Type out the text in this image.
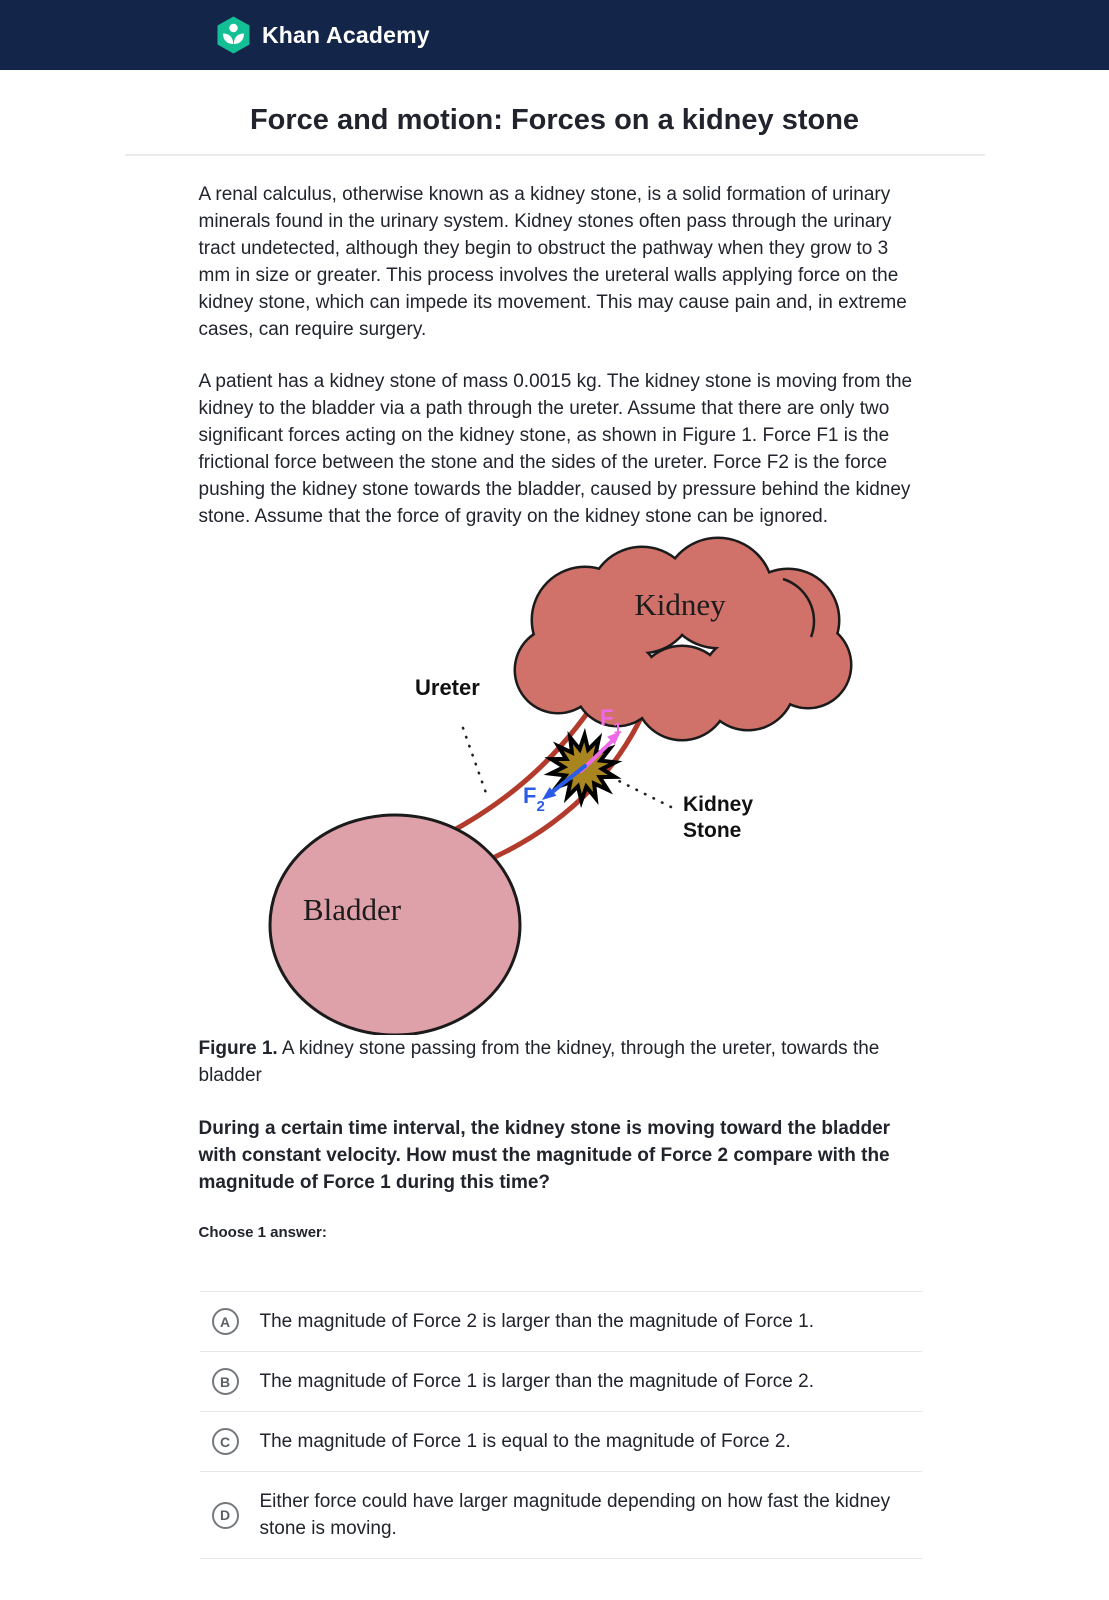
Khan Academy
Force and motion: Forces on a kidney stone

A renal calculus, otherwise known as a kidney stone, is a solid formation of urinary minerals found in the urinary system. Kidney stones often pass through the urinary tract undetected, although they begin to obstruct the pathway when they grow to 3 mm in size or greater. This process involves the ureteral walls applying force on the kidney stone, which can impede its movement. This may cause pain and, in extreme cases, can require surgery.

A patient has a kidney stone of mass 0.0015 kg. The kidney stone is moving from the kidney to the bladder via a path through the ureter. Assume that there are only two significant forces acting on the kidney stone, as shown in Figure 1. Force F1 is the frictional force between the stone and the sides of the ureter. Force F2 is the force pushing the kidney stone towards the bladder, caused by pressure behind the kidney stone. Assume that the force of gravity on the kidney stone can be ignored.

Kidney
Bladder
Ureter
Kidney
Stone
$F_1$
$F_2$

Figure 1. A kidney stone passing from the kidney, through the ureter, towards the bladder

During a certain time interval, the kidney stone is moving toward the bladder with constant velocity. How must the magnitude of Force 2 compare with the magnitude of Force 1 during this time?

Choose 1 answer:

A	The magnitude of Force 2 is larger than the magnitude of Force 1.
B	The magnitude of Force 1 is larger than the magnitude of Force 2.
C	The magnitude of Force 1 is equal to the magnitude of Force 2.
D
Either force could have larger magnitude depending on how fast the kidney stone is moving.
